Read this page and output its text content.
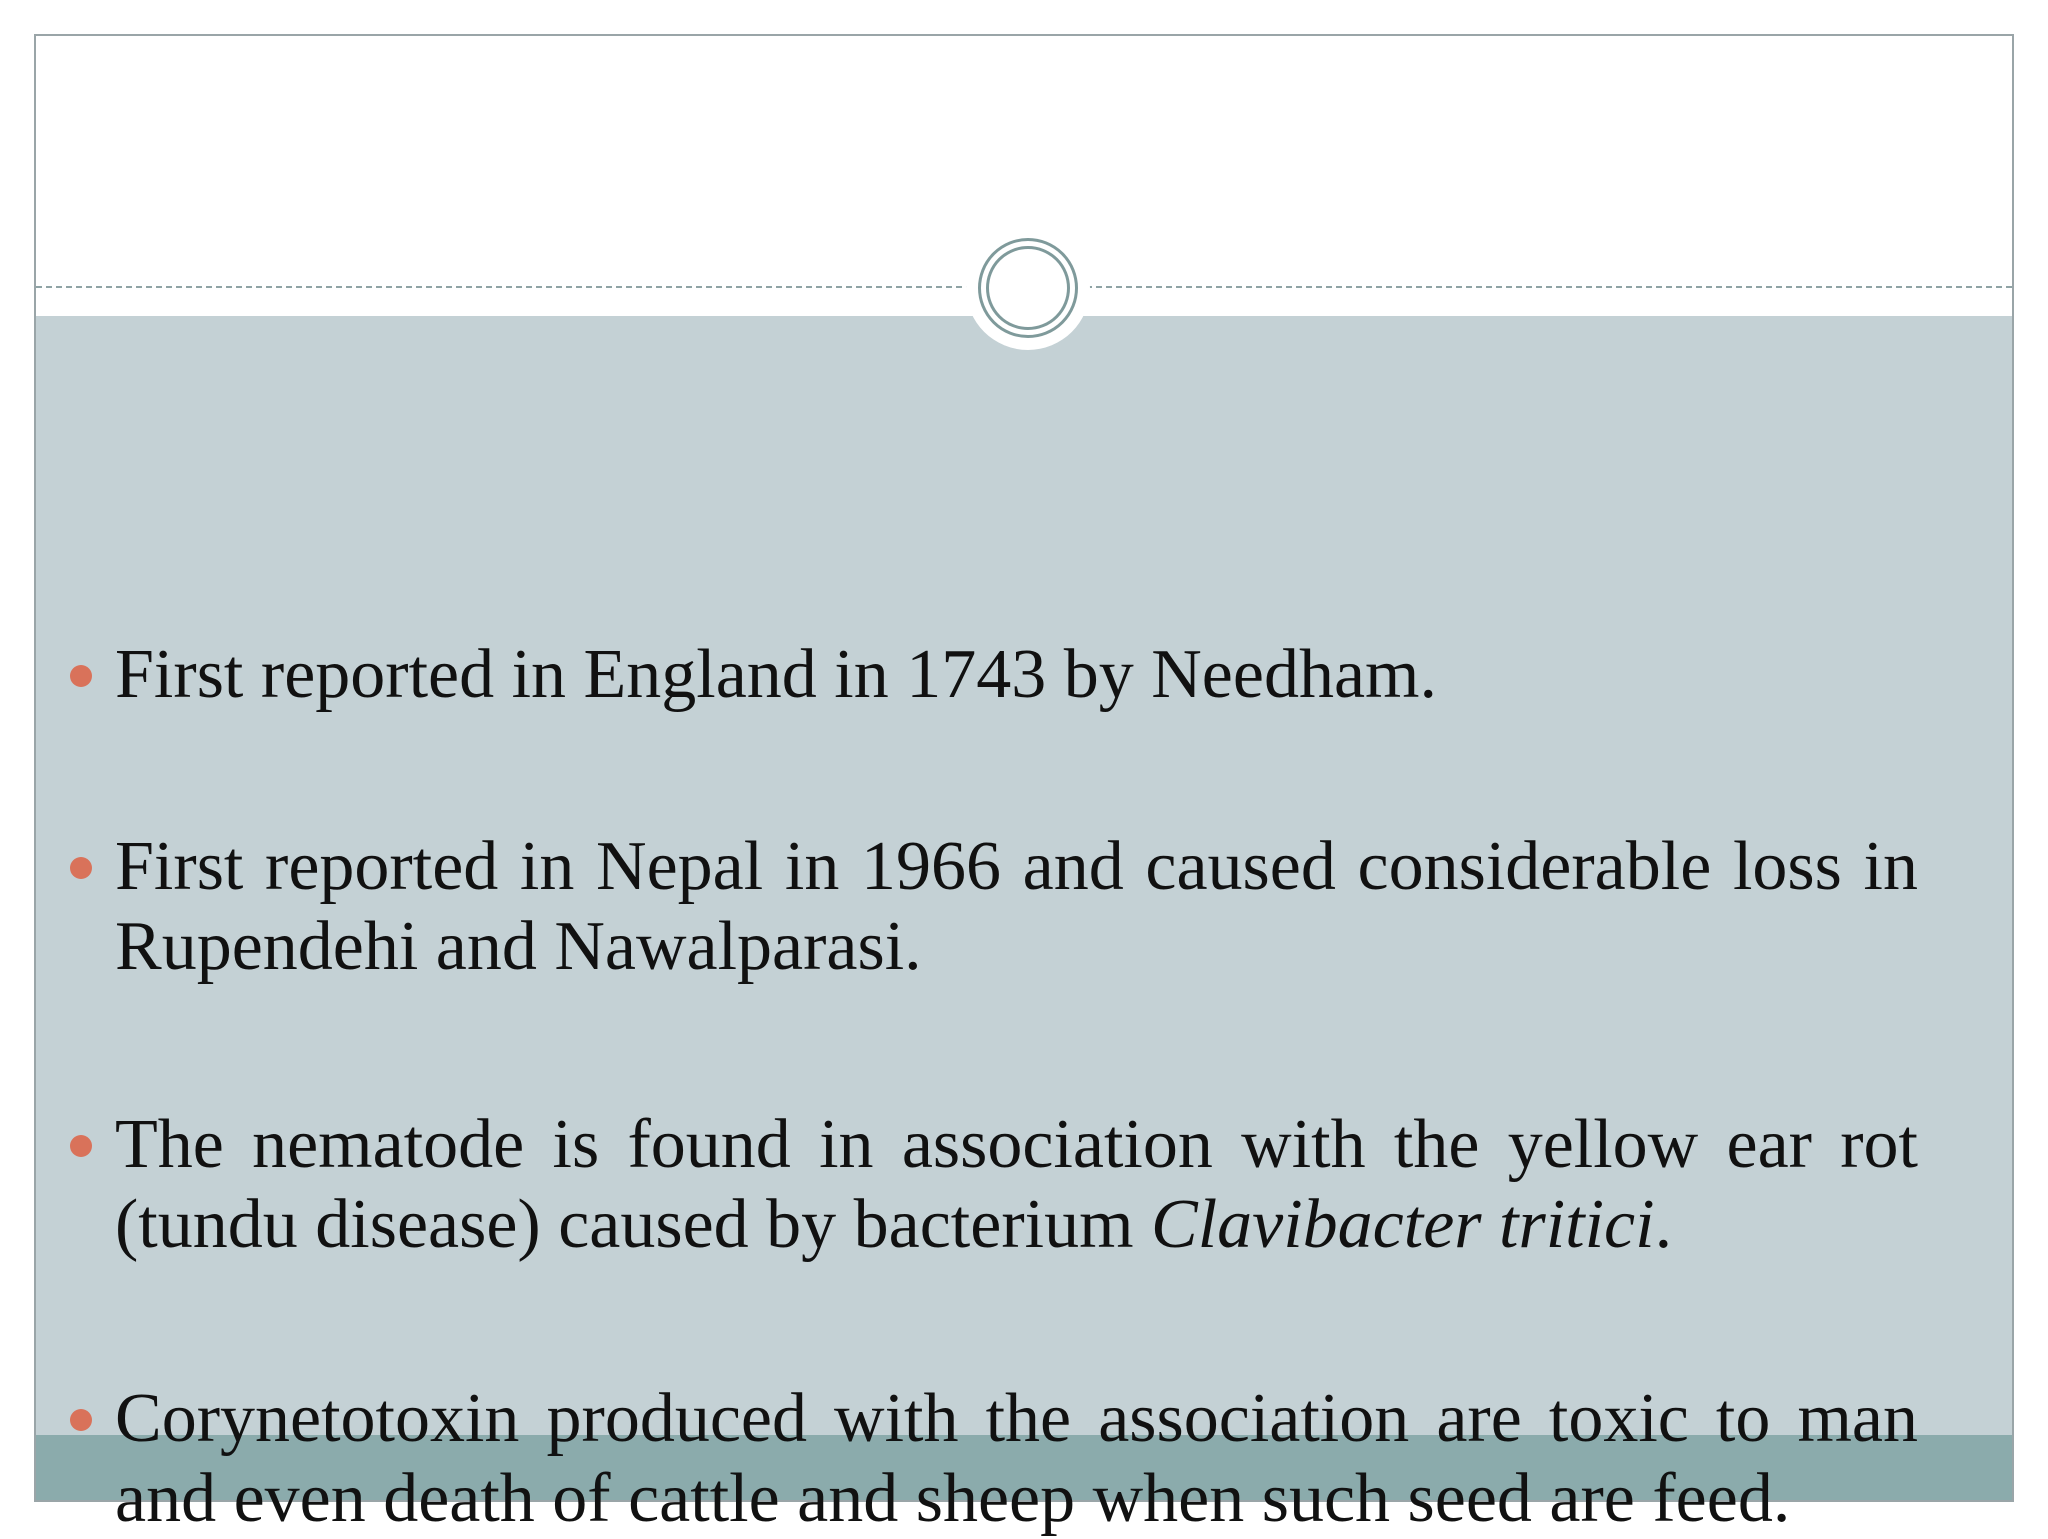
First reported in England in 1743 by Needham.
First reported in Nepal in 1966 and caused considerable loss in Rupendehi and Nawalparasi.
The nematode is found in association with the yellow ear rot (tundu disease) caused by bacterium Clavibacter tritici.
Corynetotoxin produced with the association are toxic to man and even death of cattle and sheep when such seed are feed.
